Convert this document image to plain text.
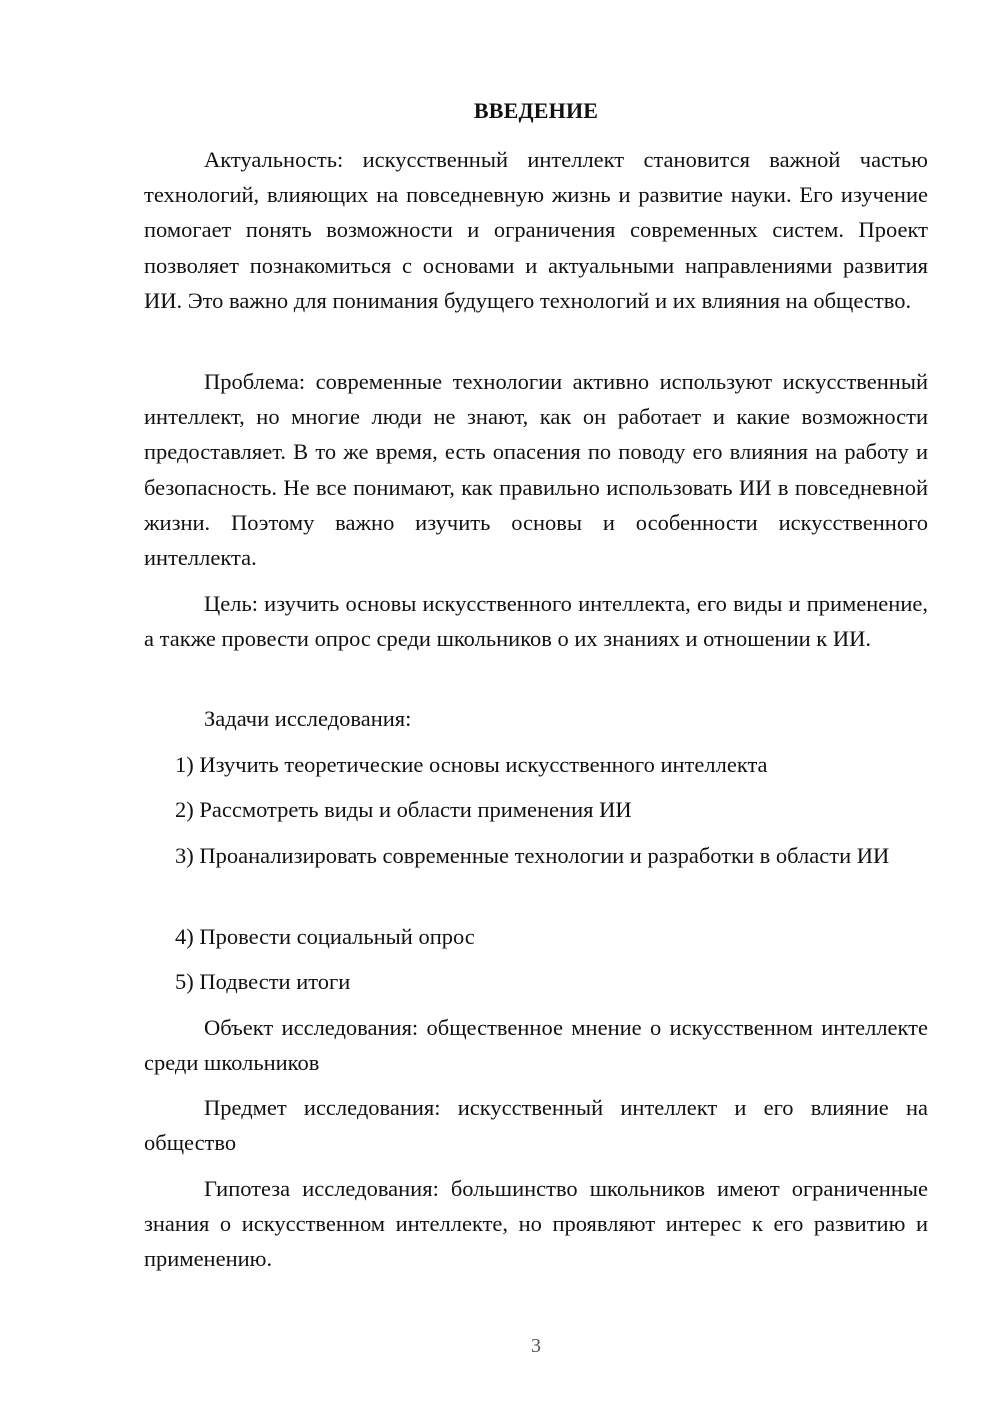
ВВЕДЕНИЕ

Актуальность: искусственный интеллект становится важной частью технологий, влияющих на повседневную жизнь и развитие науки. Его изучение помогает понять возможности и ограничения современных систем. Проект позволяет познакомиться с основами и актуальными направлениями развития ИИ. Это важно для понимания будущего технологий и их влияния на общество.

Проблема: современные технологии активно используют искусственный интеллект, но многие люди не знают, как он работает и какие возможности предоставляет. В то же время, есть опасения по поводу его влияния на работу и безопасность. Не все понимают, как правильно использовать ИИ в повседневной жизни. Поэтому важно изучить основы и особенности искусственного интеллекта.

Цель: изучить основы искусственного интеллекта, его виды и применение, а также провести опрос среди школьников о их знаниях и отношении к ИИ.

Задачи исследования:

1) Изучить теоретические основы искусственного интеллекта

2) Рассмотреть виды и области применения ИИ

3) Проанализировать современные технологии и разработки в области ИИ

4) Провести социальный опрос

5) Подвести итоги

Объект исследования: общественное мнение о искусственном интеллекте среди школьников

Предмет исследования: искусственный интеллект и его влияние на общество

Гипотеза исследования: большинство школьников имеют ограниченные знания о искусственном интеллекте, но проявляют интерес к его развитию и применению.

3
